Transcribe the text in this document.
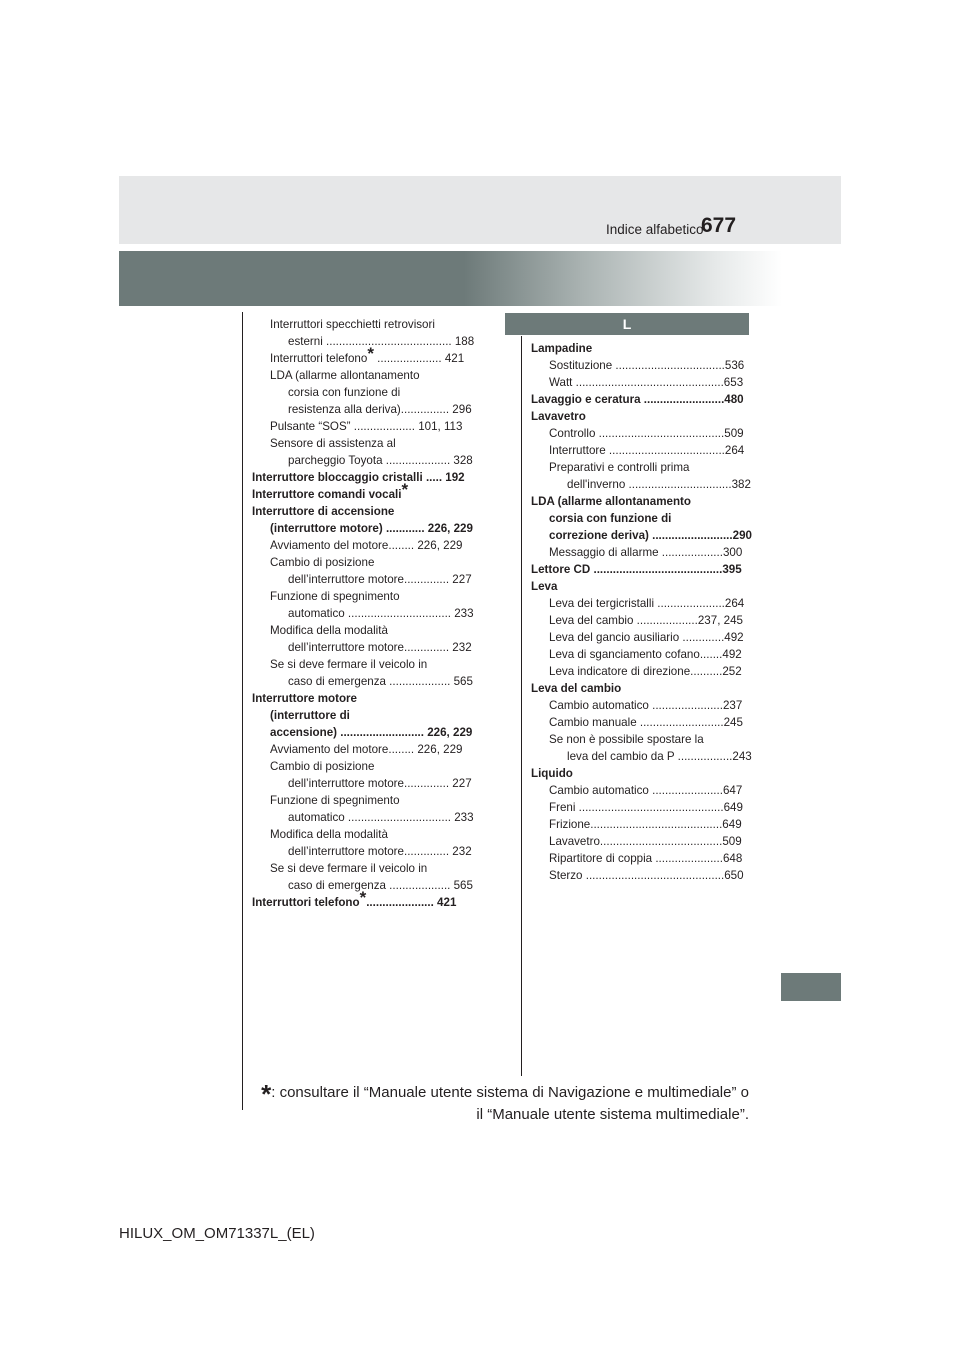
677
Indice alfabetico
Interruttori specchietti retrovisori
esterni ....................................... 188
Interruttori telefono* .................... 421
LDA (allarme allontanamento
corsia con funzione di
resistenza alla deriva)............... 296
Pulsante “SOS” ................... 101, 113
Sensore di assistenza al
parcheggio Toyota .................... 328
Interruttore bloccaggio cristalli ..... 192
Interruttore comandi vocali*
Interruttore di accensione
(interruttore motore) ............ 226, 229
Avviamento del motore........ 226, 229
Cambio di posizione
dell’interruttore motore.............. 227
Funzione di spegnimento
automatico ................................ 233
Modifica della modalità
dell’interruttore motore.............. 232
Se si deve fermare il veicolo in
caso di emergenza ................... 565
Interruttore motore
(interruttore di
accensione) .......................... 226, 229
Avviamento del motore........ 226, 229
Cambio di posizione
dell’interruttore motore.............. 227
Funzione di spegnimento
automatico ................................ 233
Modifica della modalità
dell’interruttore motore.............. 232
Se si deve fermare il veicolo in
caso di emergenza ................... 565
Interruttori telefono*..................... 421
L
Lampadine
Sostituzione ..................................536
Watt ..............................................653
Lavaggio e ceratura .........................480
Lavavetro
Controllo .......................................509
Interruttore ....................................264
Preparativi e controlli prima
dell'inverno ................................382
LDA (allarme allontanamento
corsia con funzione di
correzione deriva) .........................290
Messaggio di allarme ...................300
Lettore CD ........................................395
Leva
Leva dei tergicristalli .....................264
Leva del cambio ...................237, 245
Leva del gancio ausiliario .............492
Leva di sganciamento cofano.......492
Leva indicatore di direzione..........252
Leva del cambio
Cambio automatico ......................237
Cambio manuale ..........................245
Se non è possibile spostare la
leva del cambio da P .................243
Liquido
Cambio automatico ......................647
Freni .............................................649
Frizione.........................................649
Lavavetro......................................509
Ripartitore di coppia .....................648
Sterzo ...........................................650
*: consultare il “Manuale utente sistema di Navigazione e multimediale” o
il “Manuale utente sistema multimediale”.
HILUX_OM_OM71337L_(EL)
